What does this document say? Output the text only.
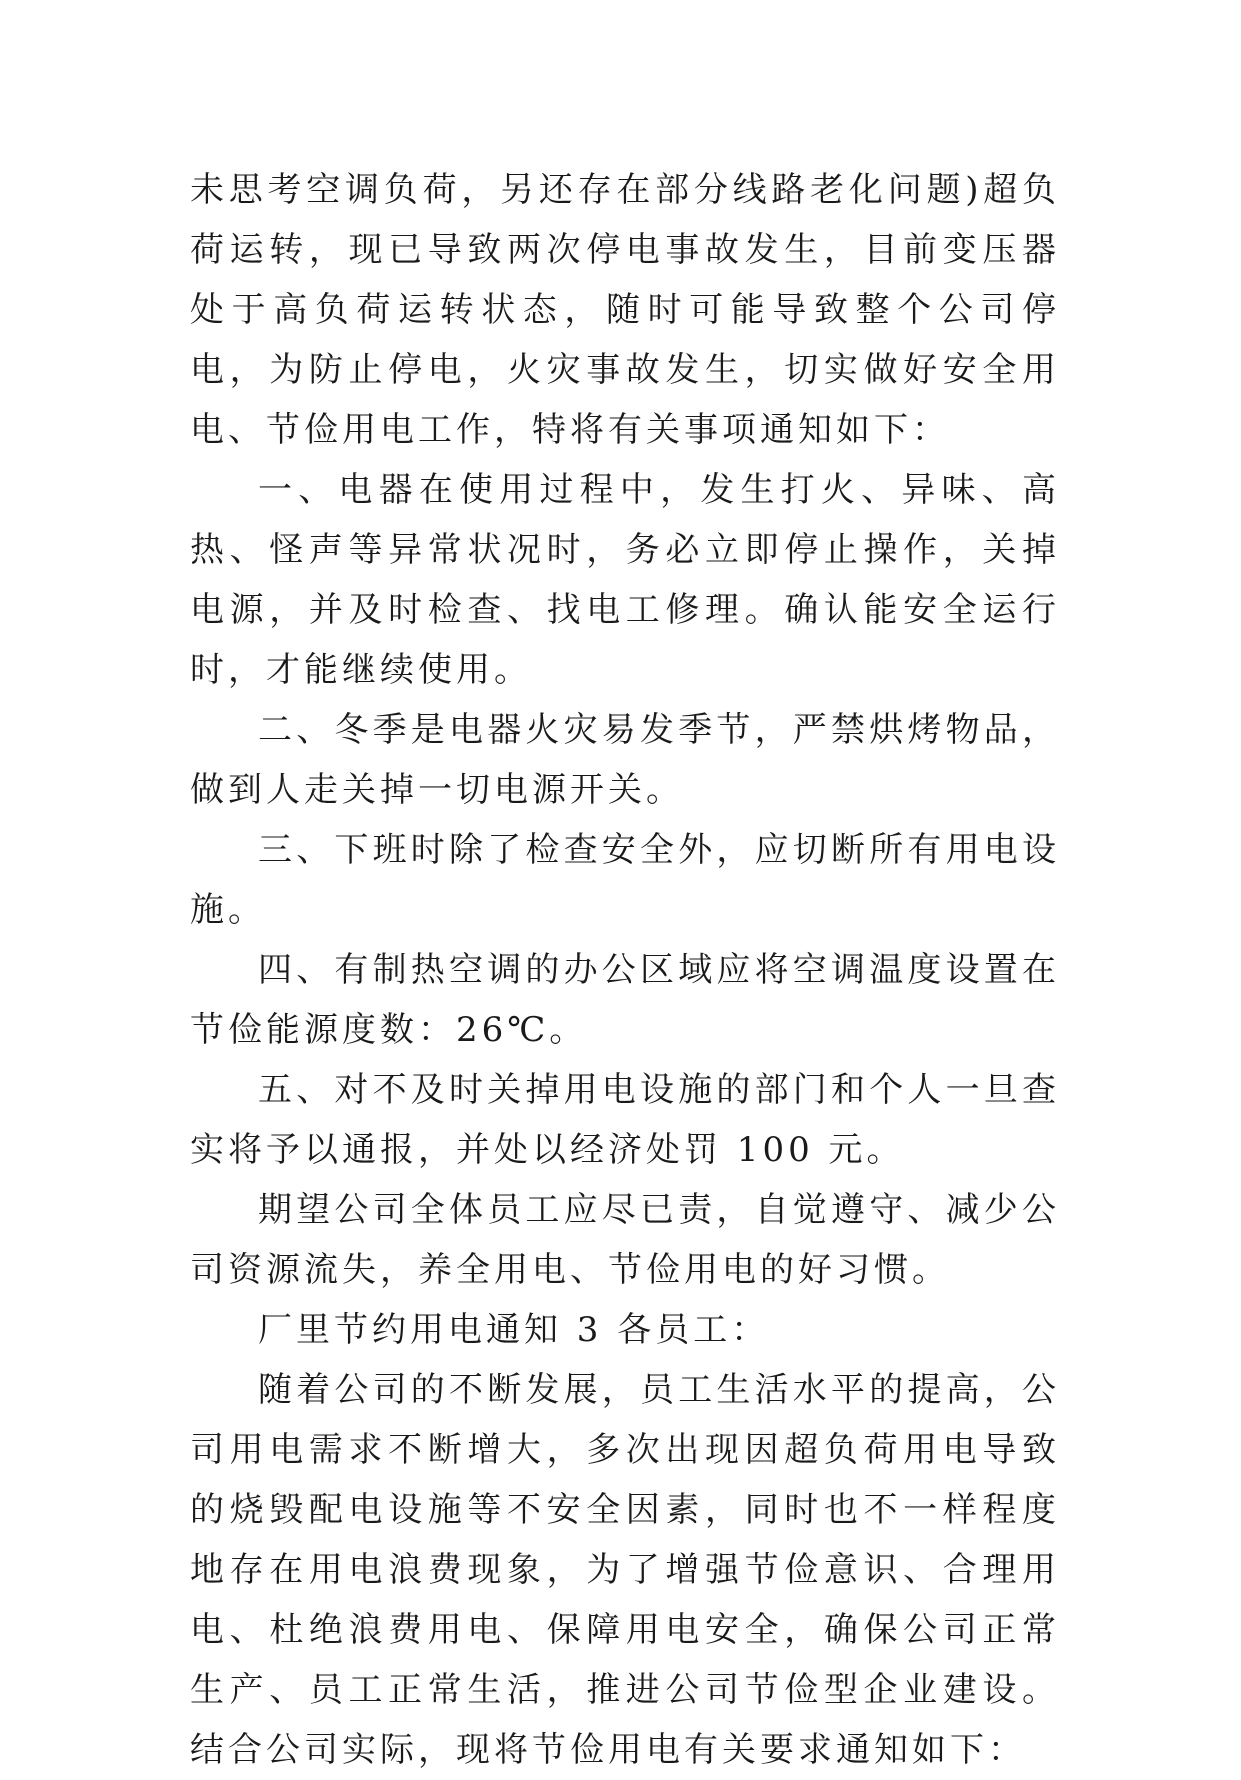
未思考空调负荷，另还存在部分线路老化问题)超负荷运转，现已导致两次停电事故发生，目前变压器处于高负荷运转状态，随时可能导致整个公司停电，为防止停电，火灾事故发生，切实做好安全用电、节俭用电工作，特将有关事项通知如下：

一、电器在使用过程中，发生打火、异味、高热、怪声等异常状况时，务必立即停止操作，关掉电源，并及时检查、找电工修理。确认能安全运行时，才能继续使用。

二、冬季是电器火灾易发季节，严禁烘烤物品，做到人走关掉一切电源开关。

三、下班时除了检查安全外，应切断所有用电设施。

四、有制热空调的办公区域应将空调温度设置在节俭能源度数：26℃。

五、对不及时关掉用电设施的部门和个人一旦查实将予以通报，并处以经济处罚 100 元。

期望公司全体员工应尽已责，自觉遵守、减少公司资源流失，养全用电、节俭用电的好习惯。

厂里节约用电通知 3 各员工：

随着公司的不断发展，员工生活水平的提高，公司用电需求不断增大，多次出现因超负荷用电导致的烧毁配电设施等不安全因素，同时也不一样程度地存在用电浪费现象，为了增强节俭意识、合理用电、杜绝浪费用电、保障用电安全，确保公司正常生产、员工正常生活，推进公司节俭型企业建设。结合公司实际，现将节俭用电有关要求通知如下：
